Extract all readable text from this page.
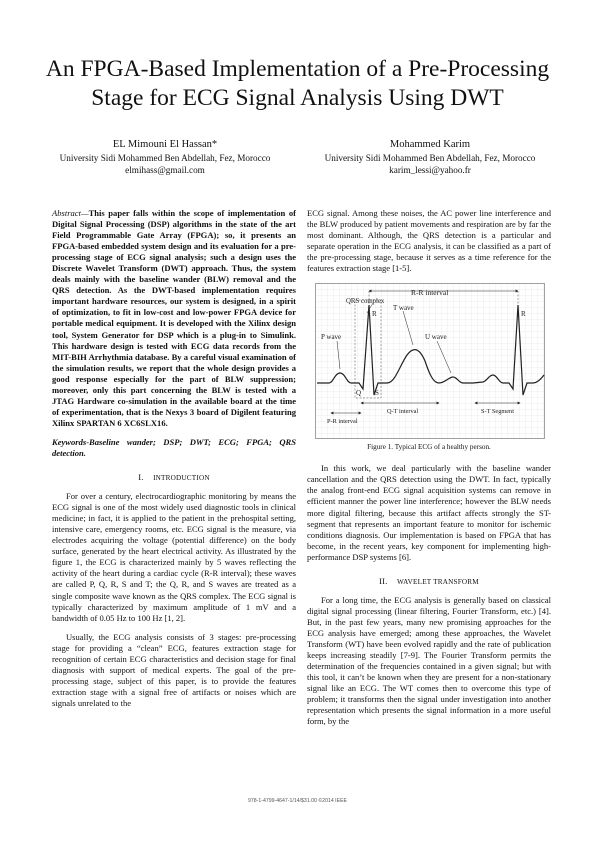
An FPGA-Based Implementation of a Pre-Processing
Stage for ECG Signal Analysis Using DWT
EL Mimouni El Hassan*
University Sidi Mohammed Ben Abdellah, Fez, Morocco
elmihass@gmail.com
Mohammed Karim
University Sidi Mohammed Ben Abdellah, Fez, Morocco
karim_lessi@yahoo.fr

Abstract—This paper falls within the scope of implementation of Digital Signal Processing (DSP) algorithms in the state of the art Field Programmable Gate Array (FPGA); so, it presents an FPGA-based embedded system design and its evaluation for a pre-processing stage of ECG signal analysis; such a design uses the Discrete Wavelet Transform (DWT) approach. Thus, the system deals mainly with the baseline wander (BLW) removal and the QRS detection. As the DWT-based implementation requires important hardware resources, our system is designed, in a spirit of optimization, to fit in low-cost and low-power FPGA device for portable medical equipment. It is developed with the Xilinx design tool, System Generator for DSP which is a plug-in to Simulink. This hardware design is tested with ECG data records from the MIT-BIH Arrhythmia database. By a careful visual examination of the simulation results, we report that the whole design provides a good response especially for the part of BLW suppression; moreover, only this part concerning the BLW is tested with a JTAG Hardware co-simulation in the available board at the time of experimentation, that is the Nexys 3 board of Digilent featuring Xilinx SPARTAN 6 XC6SLX16.

Keywords-Baseline wander; DSP; DWT; ECG; FPGA; QRS detection.

I. INTRODUCTION

For over a century, electrocardiographic monitoring by means the ECG signal is one of the most widely used diagnostic tools in clinical medicine; in fact, it is applied to the patient in the prehospital setting, intensive care, emergency rooms, etc. ECG signal is the measure, via electrodes acquiring the voltage (potential difference) on the body surface, generated by the heart electrical activity. As illustrated by the figure 1, the ECG is characterized mainly by 5 waves reflecting the activity of the heart during a cardiac cycle (R-R interval); these waves are called P, Q, R, S and T; the Q, R, and S waves are treated as a single composite wave known as the QRS complex. The ECG signal is typically characterized by maximum amplitude of 1 mV and a bandwidth of 0.05 Hz to 100 Hz [1, 2].

Usually, the ECG analysis consists of 3 stages: pre-processing stage for providing a “clean” ECG, features extraction stage for recognition of certain ECG characteristics and decision stage for final diagnosis with support of medical experts. The goal of the pre-processing stage, subject of this paper, is to provide the features extraction stage with a signal free of artifacts or noises which are signals unrelated to the

ECG signal. Among these noises, the AC power line interference and the BLW produced by patient movements and respiration are by far the most dominant. Although, the QRS detection is a particular and separate operation in the ECG analysis, it can be classified as a part of the pre-processing stage, because it serves as a time reference for the features extraction stage [1-5].

R-R interval
QRS complex
R	R
T wave
P wave	U wave
Q S
P-R interval
Q-T interval	S-T Segment

Figure 1. Typical ECG of a healthy person.

In this work, we deal particularly with the baseline wander cancellation and the QRS detection using the DWT. In fact, typically the analog front-end ECG signal acquisition systems can remove in efficient manner the power line interference; however the BLW needs more digital filtering, because this artifact affects strongly the ST-segment that represents an important feature to monitor for ischemic conditions diagnosis. Our implementation is based on FPGA that has become, in the recent years, key component for implementing high-performance DSP systems [6].

II. WAVELET TRANSFORM

For a long time, the ECG analysis is generally based on classical digital signal processing (linear filtering, Fourier Transform, etc.) [4]. But, in the past few years, many new promising approaches for the ECG analysis have emerged; among these approaches, the Wavelet Transform (WT) have been evolved rapidly and the rate of publication keeps increasing steadily [7-9]. The Fourier Transform permits the determination of the frequencies contained in a given signal; but with this tool, it can’t be known when they are present for a non-stationary signal like an ECG. The WT comes then to overcome this type of problem; it transforms then the signal under investigation into another representation which presents the signal information in a more useful form, by the

978-1-4799-4647-1/14/$31.00 ©2014 IEEE
